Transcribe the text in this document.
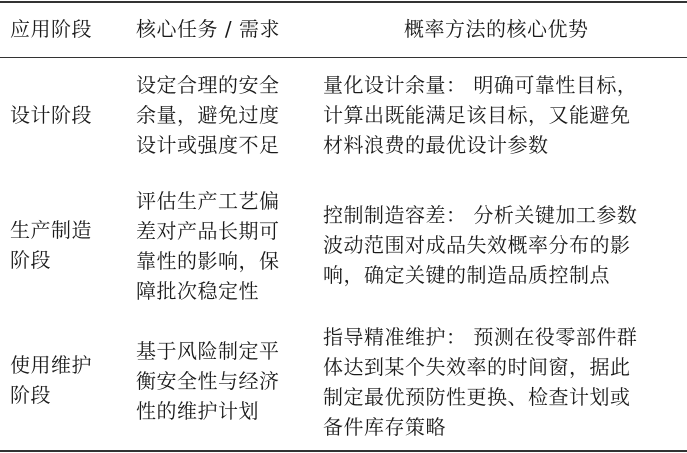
应用阶段	核心任务 / 需求	概率方法的核心优势
设计阶段
设定合理的安全
余量，避免过度
设计或强度不足
量化设计余量： 明确可靠性目标，
计算出既能满足该目标，又能避免
材料浪费的最优设计参数
生产制造
阶段
评估生产工艺偏
差对产品长期可
靠性的影响，保
障批次稳定性
控制制造容差： 分析关键加工参数
波动范围对成品失效概率分布的影
响，确定关键的制造品质控制点
使用维护
阶段
基于风险制定平
衡安全性与经济
性的维护计划
指导精准维护： 预测在役零部件群
体达到某个失效率的时间窗，据此
制定最优预防性更换、检查计划或
备件库存策略
